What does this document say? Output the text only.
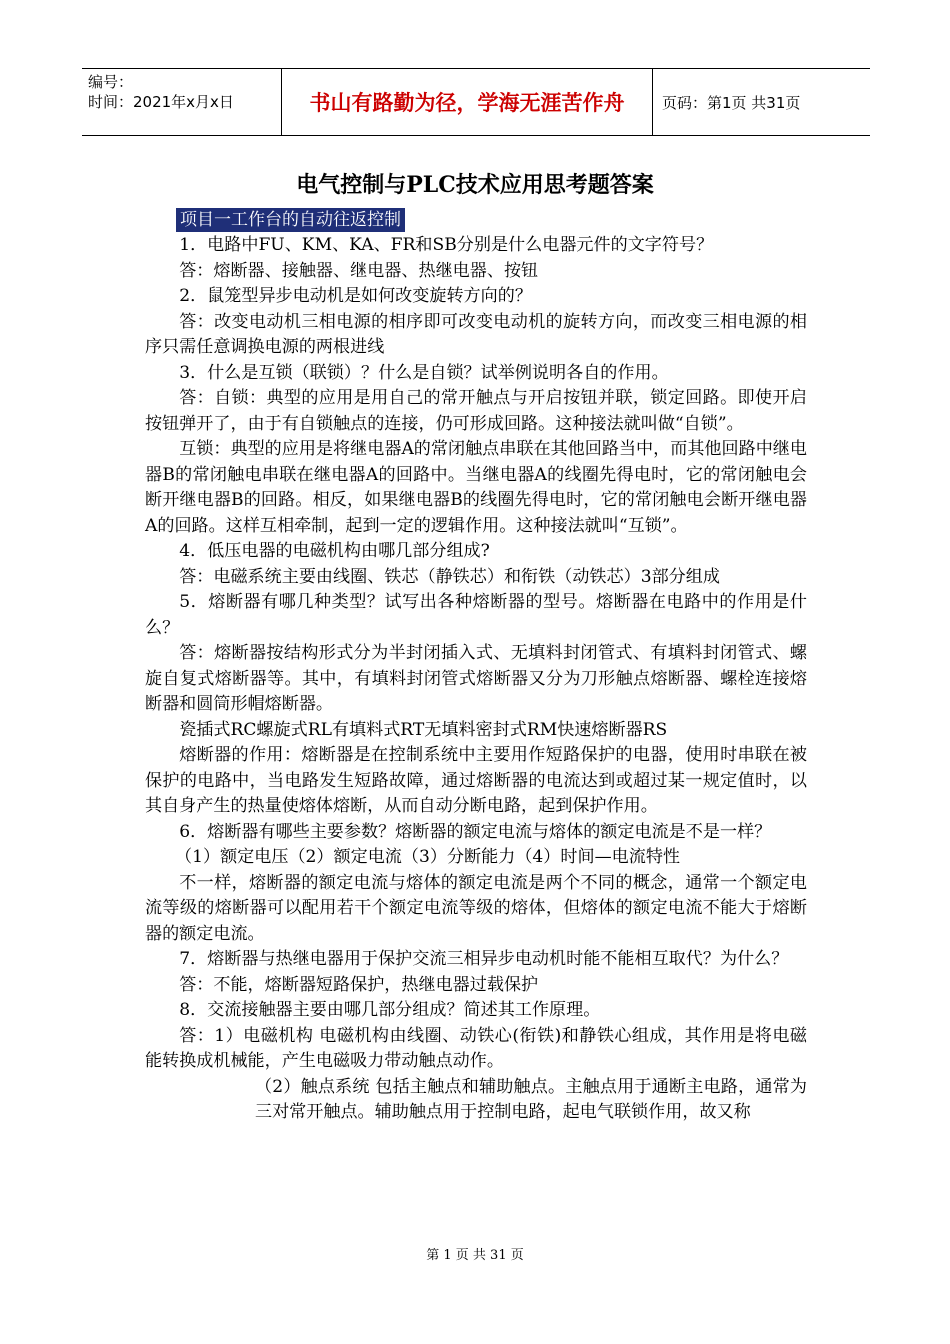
编号：
时间：2021年x月x日	书山有路勤为径，学海无涯苦作舟	页码：第1页 共31页
电气控制与PLC技术应用思考题答案
项目一工作台的自动往返控制

1．电路中FU、KM、KA、FR和SB分别是什么电器元件的文字符号？

答：熔断器、接触器、继电器、热继电器、按钮

2．鼠笼型异步电动机是如何改变旋转方向的？

答：改变电动机三相电源的相序即可改变电动机的旋转方向，而改变三相电源的相序只需任意调换电源的两根进线

3．什么是互锁（联锁）？什么是自锁？试举例说明各自的作用。

答：自锁：典型的应用是用自己的常开触点与开启按钮并联，锁定回路。即使开启按钮弹开了，由于有自锁触点的连接，仍可形成回路。这种接法就叫做“自锁”。

互锁：典型的应用是将继电器A的常闭触点串联在其他回路当中，而其他回路中继电器B的常闭触电串联在继电器A的回路中。当继电器A的线圈先得电时，它的常闭触电会断开继电器B的回路。相反，如果继电器B的线圈先得电时，它的常闭触电会断开继电器A的回路。这样互相牵制，起到一定的逻辑作用。这种接法就叫“互锁”。

4．低压电器的电磁机构由哪几部分组成?

答：电磁系统主要由线圈、铁芯（静铁芯）和衔铁（动铁芯）3部分组成

5．熔断器有哪几种类型？试写出各种熔断器的型号。熔断器在电路中的作用是什么？

答：熔断器按结构形式分为半封闭插入式、无填料封闭管式、有填料封闭管式、螺旋自复式熔断器等。其中，有填料封闭管式熔断器又分为刀形触点熔断器、螺栓连接熔断器和圆筒形帽熔断器。

瓷插式RC螺旋式RL有填料式RT无填料密封式RM快速熔断器RS

熔断器的作用：熔断器是在控制系统中主要用作短路保护的电器，使用时串联在被保护的电路中，当电路发生短路故障，通过熔断器的电流达到或超过某一规定值时，以其自身产生的热量使熔体熔断，从而自动分断电路，起到保护作用。

6．熔断器有哪些主要参数？熔断器的额定电流与熔体的额定电流是不是一样？

（1）额定电压（2）额定电流（3）分断能力（4）时间—电流特性

不一样，熔断器的额定电流与熔体的额定电流是两个不同的概念，通常一个额定电流等级的熔断器可以配用若干个额定电流等级的熔体，但熔体的额定电流不能大于熔断器的额定电流。

7．熔断器与热继电器用于保护交流三相异步电动机时能不能相互取代？为什么？

答：不能，熔断器短路保护，热继电器过载保护

8．交流接触器主要由哪几部分组成？简述其工作原理。

答：1）电磁机构 电磁机构由线圈、动铁心(衔铁)和静铁心组成，其作用是将电磁能转换成机械能，产生电磁吸力带动触点动作。

（2）触点系统 包括主触点和辅助触点。主触点用于通断主电路，通常为三对常开触点。辅助触点用于控制电路，起电气联锁作用，故又称

第 1 页 共 31 页
